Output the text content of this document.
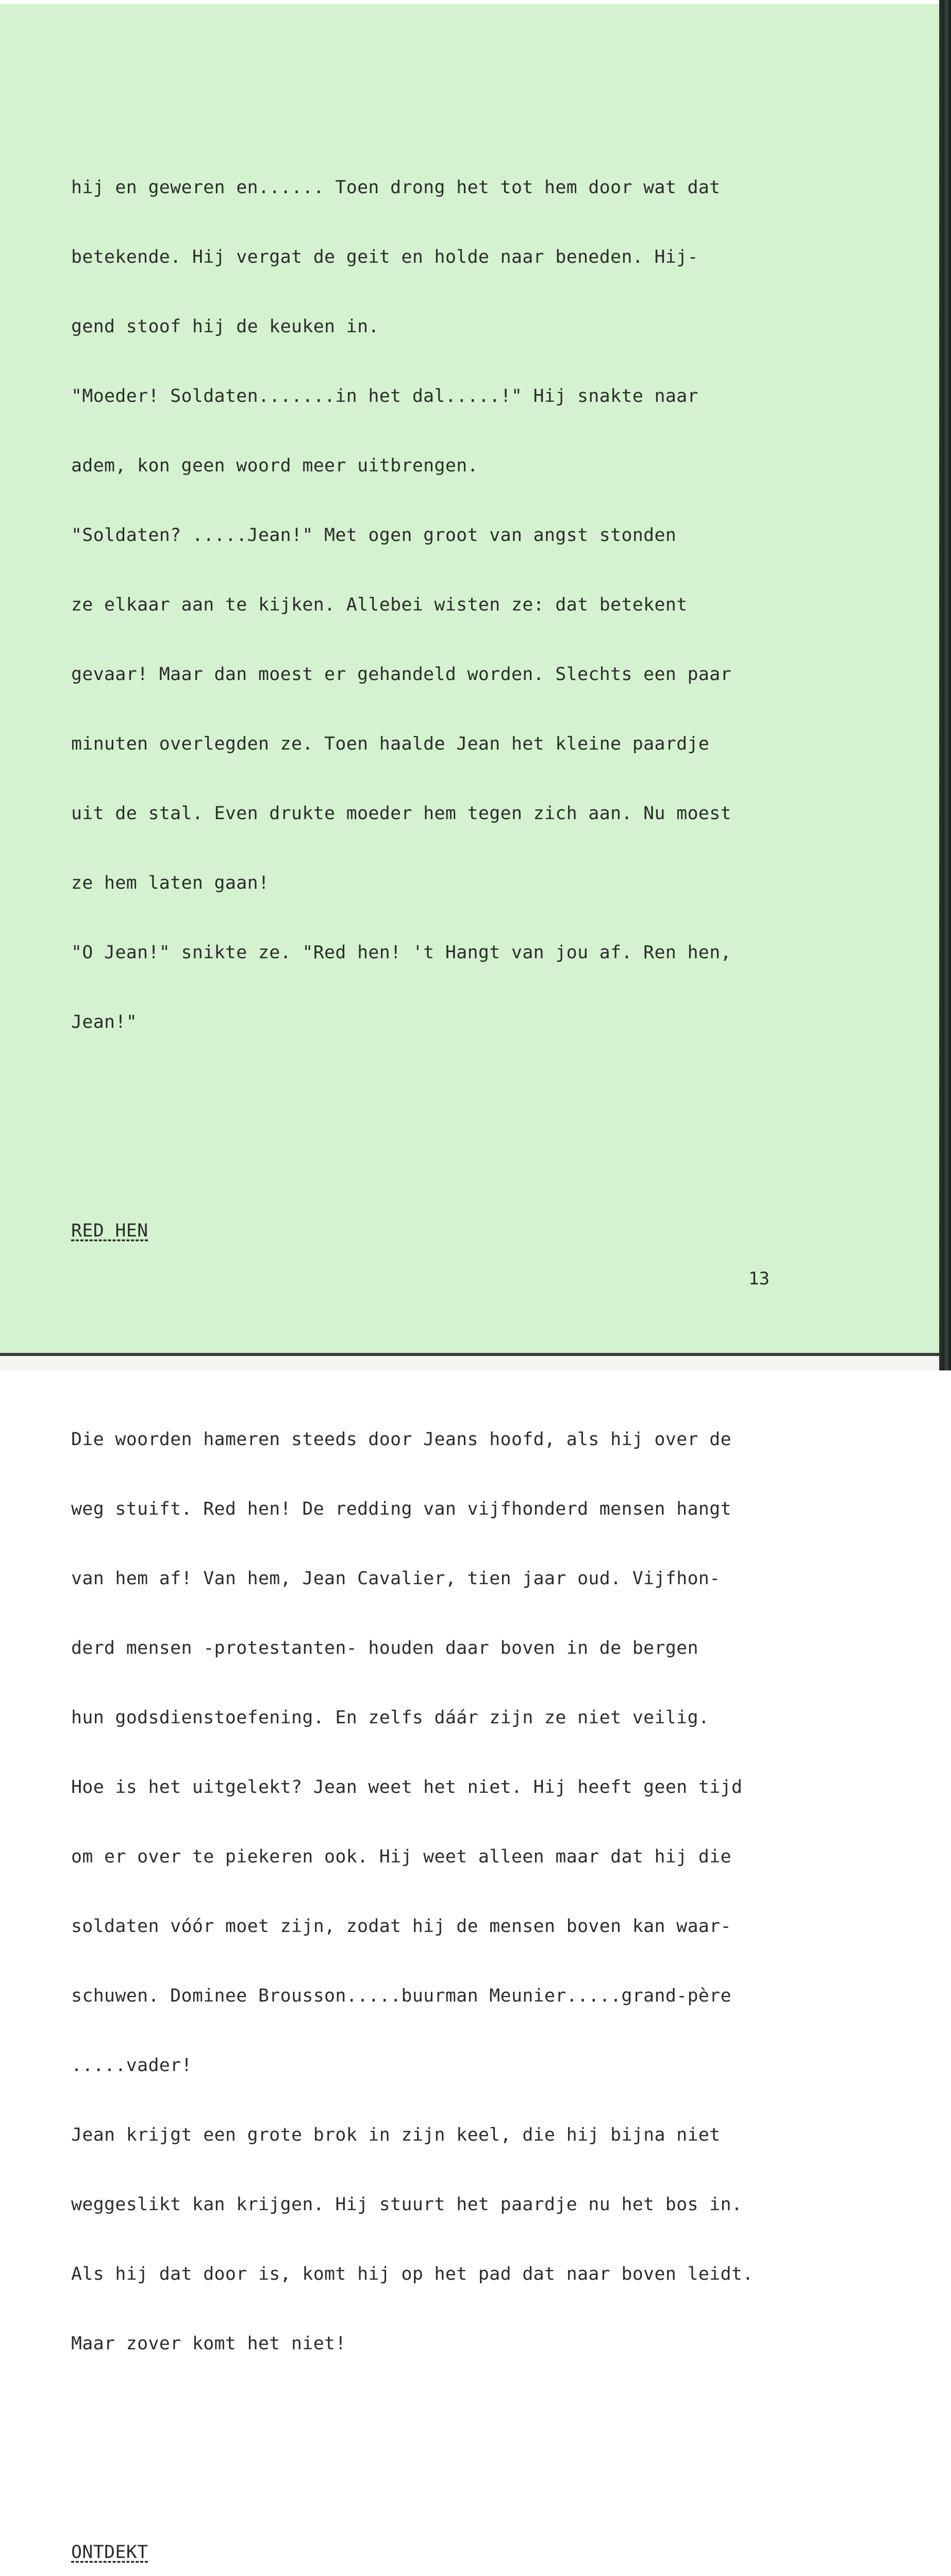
hij en geweren en...... Toen drong het tot hem door wat dat

betekende. Hij vergat de geit en holde naar beneden. Hij-

gend stoof hij de keuken in.

"Moeder! Soldaten.......in het dal.....!" Hij snakte naar

adem, kon geen woord meer uitbrengen.

"Soldaten? .....Jean!" Met ogen groot van angst stonden

ze elkaar aan te kijken. Allebei wisten ze: dat betekent

gevaar! Maar dan moest er gehandeld worden. Slechts een paar

minuten overlegden ze. Toen haalde Jean het kleine paardje

uit de stal. Even drukte moeder hem tegen zich aan. Nu moest

ze hem laten gaan!

"O Jean!" snikte ze. "Red hen! 't Hangt van jou af. Ren hen,

Jean!"

RED HEN

Die woorden hameren steeds door Jeans hoofd, als hij over de

weg stuift. Red hen! De redding van vijfhonderd mensen hangt

van hem af! Van hem, Jean Cavalier, tien jaar oud. Vijfhon-

derd mensen -protestanten- houden daar boven in de bergen

hun godsdienstoefening. En zelfs dáár zijn ze niet veilig.

Hoe is het uitgelekt? Jean weet het niet. Hij heeft geen tijd

om er over te piekeren ook. Hij weet alleen maar dat hij die

soldaten vóór moet zijn, zodat hij de mensen boven kan waar-

schuwen. Dominee Brousson.....buurman Meunier.....grand-père

.....vader!

Jean krijgt een grote brok in zijn keel, die hij bijna niet

weggeslikt kan krijgen. Hij stuurt het paardje nu het bos in.

Als hij dat door is, komt hij op het pad dat naar boven leidt.

Maar zover komt het niet!

ONTDEKT

13
